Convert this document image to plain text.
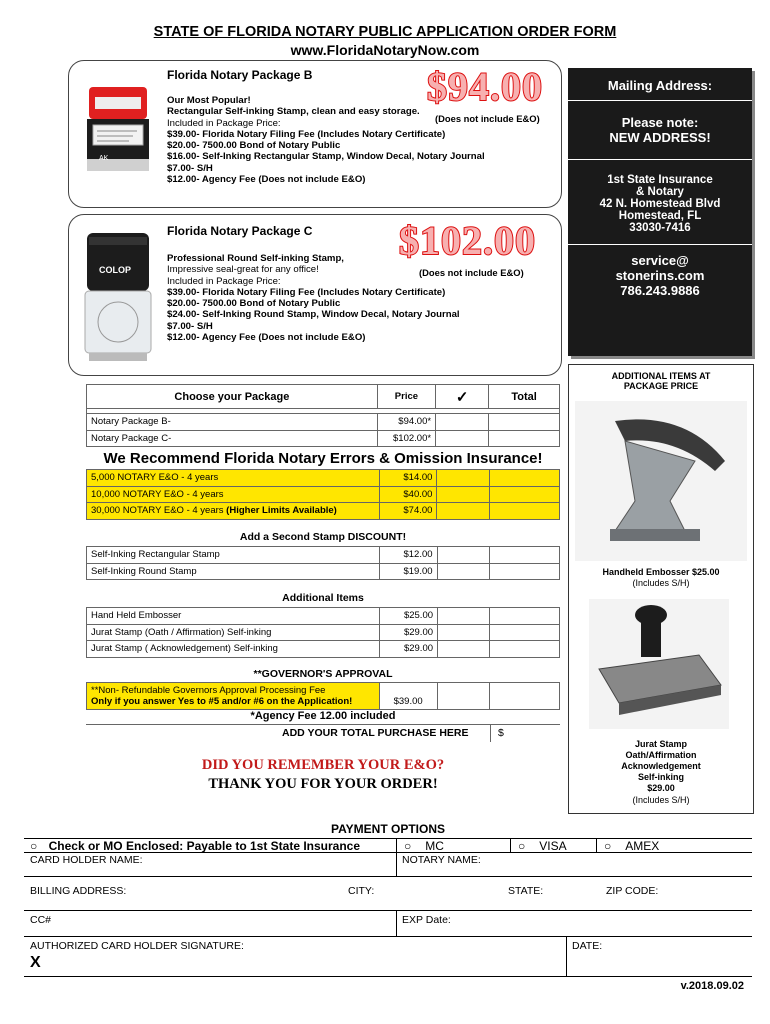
STATE OF FLORIDA NOTARY PUBLIC APPLICATION ORDER FORM
www.FloridaNotaryNow.com
AK
Florida Notary Package B	$94.00
Our Most Popular!
Rectangular Self-inking Stamp, clean and easy storage.
Included in Package Price:
$39.00- Florida Notary Filing Fee (Includes Notary Certificate)
$20.00- 7500.00 Bond of Notary Public
$16.00- Self-Inking Rectangular Stamp, Window Decal, Notary Journal
$7.00- S/H
$12.00- Agency Fee (Does not include E&O)
(Does not include E&O)
COLOP
Florida Notary Package C $102.00
Professional Round Self-inking Stamp,
Impressive seal-great for any office!
Included in Package Price:
$39.00- Florida Notary Filing Fee (Includes Notary Certificate)
$20.00- 7500.00 Bond of Notary Public
$24.00- Self-Inking Round Stamp, Window Decal, Notary Journal
$7.00- S/H
$12.00- Agency Fee (Does not include E&O)
(Does not include E&O)
Mailing Address:
Please note:
NEW ADDRESS!
1st State Insurance
& Notary
42 N. Homestead Blvd
Homestead, FL
33030-7416
service@
stonerins.com
786.243.9886
ADDITIONAL ITEMS AT
PACKAGE PRICE
Handheld Embosser $25.00
(Includes S/H)
Jurat Stamp
Oath/Affirmation
Acknowledgement
Self-inking
$29.00
(Includes S/H)
Choose your Package	Price	✓	Total

Notary Package B-	$94.00*		
Notary Package C-	$102.00*		
We Recommend Florida Notary Errors & Omission Insurance!
5,000 NOTARY E&O - 4 years	$14.00		
10,000 NOTARY E&O - 4 years	$40.00		
30,000 NOTARY E&O - 4 years (Higher Limits Available)	$74.00		
Add a Second Stamp DISCOUNT!
Self-Inking Rectangular Stamp	$12.00		
Self-Inking Round Stamp	$19.00		
Additional Items
Hand Held Embosser	$25.00		
Jurat Stamp (Oath / Affirmation) Self-inking	$29.00		
Jurat Stamp ( Acknowledgement) Self-inking	$29.00		
**GOVERNOR'S APPROVAL
**Non- Refundable Governors Approval Processing Fee
Only if you answer Yes to #5 and/or #6 on the Application!	$39.00

*Agency Fee 12.00 included
ADD YOUR TOTAL PURCHASE HERE	$
DID YOU REMEMBER YOUR E&O?
THANK YOU FOR YOUR ORDER!
PAYMENT OPTIONS
○ Check or MO Enclosed: Payable to 1st State Insurance	○ MC	○ VISA	○ AMEX
CARD HOLDER NAME:	NOTARY NAME:
BILLING ADDRESS:	CITY:	STATE:	ZIP CODE:
CC#	EXP Date:
AUTHORIZED CARD HOLDER SIGNATURE:
X
DATE:
v.2018.09.02
